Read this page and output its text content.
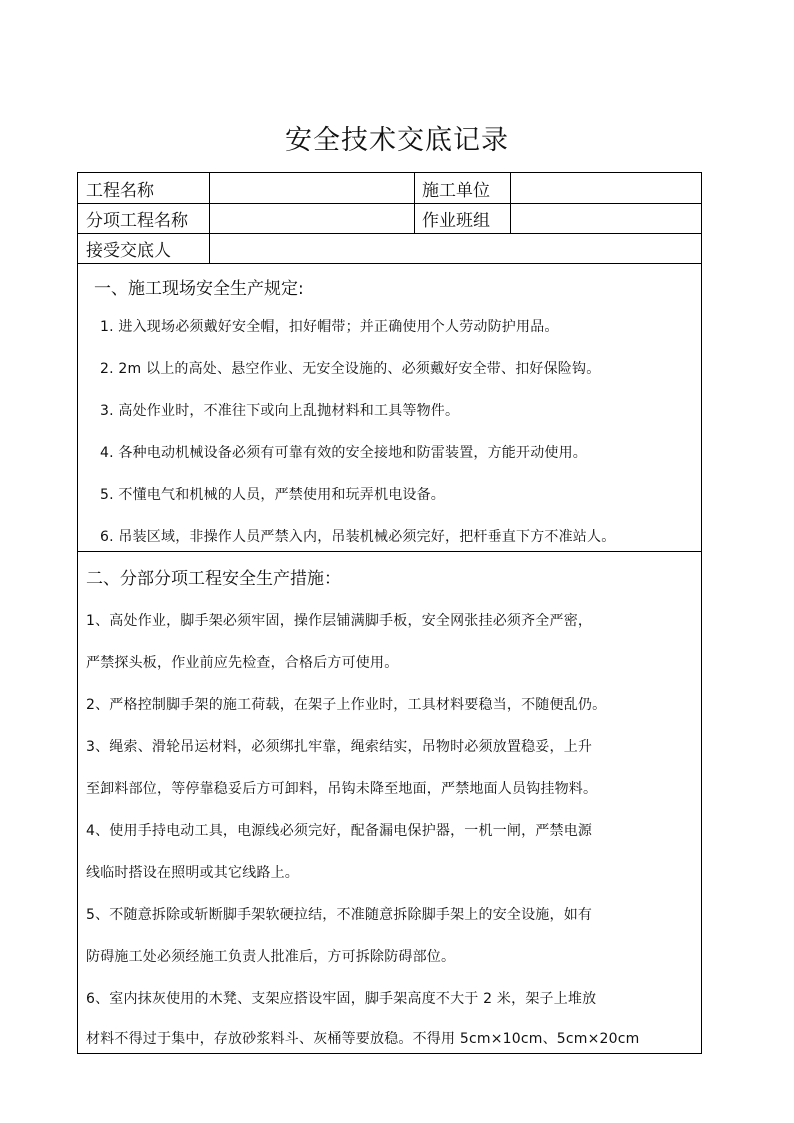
安全技术交底记录
工程名称	施工单位
分项工程名称	作业班组
接受交底人
一、施工现场安全生产规定:
1. 进入现场必须戴好安全帽，扣好帽带；并正确使用个人劳动防护用品。
2. 2m 以上的高处、悬空作业、无安全设施的、必须戴好安全带、扣好保险钩。
3. 高处作业时，不准往下或向上乱抛材料和工具等物件。
4. 各种电动机械设备必须有可靠有效的安全接地和防雷装置，方能开动使用。
5. 不懂电气和机械的人员，严禁使用和玩弄机电设备。
6. 吊装区域，非操作人员严禁入内，吊装机械必须完好，把杆垂直下方不准站人。
二、分部分项工程安全生产措施：
1、高处作业，脚手架必须牢固，操作层铺满脚手板，安全网张挂必须齐全严密，
严禁探头板，作业前应先检查，合格后方可使用。
2、严格控制脚手架的施工荷载，在架子上作业时，工具材料要稳当，不随便乱仍。
3、绳索、滑轮吊运材料，必须绑扎牢靠，绳索结实，吊物时必须放置稳妥，上升
至卸料部位，等停靠稳妥后方可卸料，吊钩未降至地面，严禁地面人员钩挂物料。
4、使用手持电动工具，电源线必须完好，配备漏电保护器，一机一闸，严禁电源
线临时搭设在照明或其它线路上。
5、不随意拆除或斩断脚手架软硬拉结，不准随意拆除脚手架上的安全设施，如有
防碍施工处必须经施工负责人批准后，方可拆除防碍部位。
6、室内抹灰使用的木凳、支架应搭设牢固，脚手架高度不大于 2 米，架子上堆放
材料不得过于集中，存放砂浆料斗、灰桶等要放稳。不得用 5cm×10cm、5cm×20cm
